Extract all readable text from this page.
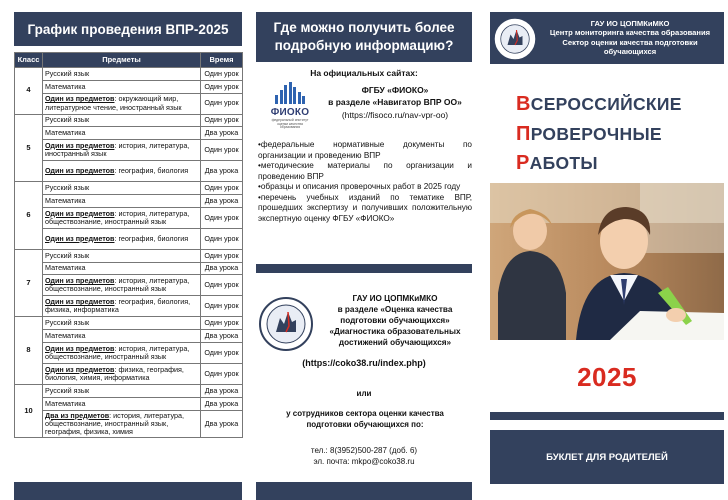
График проведения ВПР-2025
Класс	Предметы	Время
4	Русский язык	Один урок
	Математика	Один урок
	Один из предметов: окружающий мир, литературное чтение, иностранный язык	Один урок
5	Русский язык	Один урок
	Математика	Два урока
	Один из предметов: история, литература, иностранный язык	Один урок
	Один из предметов: география, биология	Два урока
6	Русский язык	Один урок
	Математика	Два урока
	Один из предметов: история, литература, обществознание, иностранный язык	Один урок
	Один из предметов: география, биология	Один урок
7	Русский язык	Один урок
	Математика	Два урока
	Один из предметов: история, литература, обществознание, иностранный язык	Один урок
	Один из предметов: география, биология, физика, информатика	Один урок
8	Русский язык	Один урок
	Математика	Два урока
	Один из предметов: история, литература, обществознание, иностранный язык	Один урок
	Один из предметов: физика, география, биология, химия, информатика	Один урок
10	Русский язык	Два урока
	Математика	Два урока
	Два из предметов: история, литература, обществознание, иностранный язык, география, физика, химия	Два урока
Где можно получить более подробную информацию?
На официальных сайтах:
ФИОКО
федеральный институт оценки качества образования
ФГБУ «ФИОКО»
в разделе «Навигатор ВПР ОО»
(https://fisoco.ru/nav-vpr-oo)
• федеральные нормативные документы по организации и проведению ВПР
• методические материалы по организации и проведению ВПР
• образцы и описания проверочных работ в 2025 году
• перечень учебных изданий по тематике ВПР, прошедших экспертизу и получивших положительную экспертную оценку ФГБУ «ФИОКО»
ГАУ ИО ЦОПМКиМКО
в разделе «Оценка качества подготовки обучающихся»
«Диагностика образовательных достижений обучающихся»
(https://coko38.ru/index.php)
или
у сотрудников сектора оценки качества подготовки обучающихся по:
тел.: 8(3952)500-287 (доб. 6)
эл. почта: mkpo@coko38.ru
ГАУ ИО ЦОПМКиМКО
Центр мониторинга качества образования
Сектор оценки качества подготовки обучающихся
ВСЕРОССИЙСКИЕ
ПРОВЕРОЧНЫЕ
РАБОТЫ
2025
БУКЛЕТ ДЛЯ РОДИТЕЛЕЙ
